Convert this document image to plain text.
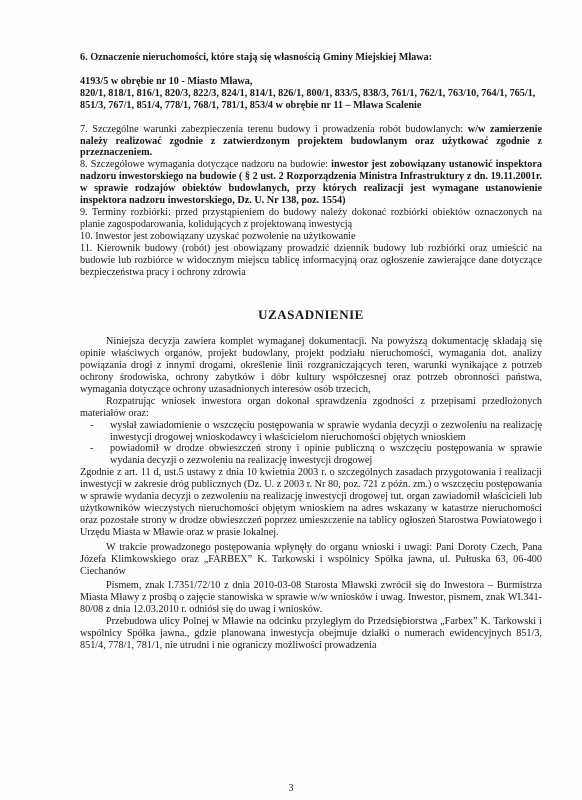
6. Oznaczenie nieruchomości, które stają się własnością Gminy Miejskiej Mława:

4193/5 w obrębie nr 10 - Miasto Mława,

820/1, 818/1, 816/1, 820/3, 822/3, 824/1, 814/1, 826/1, 800/1, 833/5, 838/3, 761/1, 762/1, 763/10, 764/1, 765/1, 851/3, 767/1, 851/4, 778/1, 768/1, 781/1, 853/4 w obrębie nr 11 – Mława Scalenie

7. Szczególne warunki zabezpieczenia terenu budowy i prowadzenia robót budowlanych: w/w zamierzenie należy realizować zgodnie z zatwierdzonym projektem budowlanym oraz użytkować zgodnie z przeznaczeniem.

8. Szczegółowe wymagania dotyczące nadzoru na budowie: inwestor jest zobowiązany ustanowić inspektora nadzoru inwestorskiego na budowie ( § 2 ust. 2 Rozporządzenia Ministra Infrastruktury z dn. 19.11.2001r. w sprawie rodzajów obiektów budowlanych, przy których realizacji jest wymagane ustanowienie inspektora nadzoru inwestorskiego, Dz. U. Nr 138, poz. 1554)

9. Terminy rozbiórki: przed przystąpieniem do budowy należy dokonać rozbiórki obiektów oznaczonych na planie zagospodarowania, kolidujących z projektowaną inwestycją

10. Inwestor jest zobowiązany uzyskać pozwolenie na użytkowanie

11. Kierownik budowy (robót) jest obowiązany prowadzić dziennik budowy lub rozbiórki oraz umieścić na budowie lub rozbiórce w widocznym miejscu tablicę informacyjną oraz ogłoszenie zawierające dane dotyczące bezpieczeństwa pracy i ochrony zdrowia

UZASADNIENIE

Niniejsza decyzja zawiera komplet wymaganej dokumentacji. Na powyższą dokumentację składają się opinie właściwych organów, projekt budowlany, projekt podziału nieruchomości, wymagania dot. analizy powiązania drogi z innymi drogami, określenie linii rozgraniczających teren, warunki wynikające z potrzeb ochrony środowiska, ochrony zabytków i dóbr kultury współczesnej oraz potrzeb obronności państwa, wymagania dotyczące ochrony uzasadnionych interesów osób trzecich,

Rozpatrując wniosek inwestora organ dokonał sprawdzenia zgodności z przepisami przedłożonych materiałów oraz:

-	wysłał zawiadomienie o wszczęciu postępowania w sprawie wydania decyzji o zezwoleniu na realizację inwestycji drogowej wnioskodawcy i właścicielom nieruchomości objętych wnioskiem
-	powiadomił w drodze obwieszczeń strony i opinie publiczną o wszczęciu postępowania w sprawie wydania decyzji o zezwoleniu na realizację inwestycji drogowej

Zgodnie z art. 11 d, ust.5 ustawy z dnia 10 kwietnia 2003 r. o szczególnych zasadach przygotowania i realizacji inwestycji w zakresie dróg publicznych (Dz. U. z 2003 r. Nr 80, poz. 721 z późn. zm.) o wszczęciu postępowania w sprawie wydania decyzji o zezwoleniu na realizację inwestycji drogowej tut. organ zawiadomił właścicieli lub użytkowników wieczystych nieruchomości objętym wnioskiem na adres wskazany w katastrze nieruchomości oraz pozostałe strony w drodze obwieszczeń poprzez umieszczenie na tablicy ogłoszeń Starostwa Powiatowego i Urzędu Miasta w Mławie oraz w prasie lokalnej.

W trakcie prowadzonego postępowania wpłynęły do organu wnioski i uwagi: Pani Doroty Czech, Pana Józefa Klimkowskiego oraz „FARBEX” K. Tarkowski i wspólnicy Spółka jawna, ul. Pułtuska 63, 06-400 Ciechanów

Pismem, znak I.7351/72/10 z dnia 2010-03-08 Starosta Mławski zwrócił się do Inwestora – Burmistrza Miasta Mławy z prośbą o zajęcie stanowiska w sprawie w/w wniosków i uwag. Inwestor, pismem, znak WI.341-80/08 z dnia 12.03.2010 r. odniósł się do uwag i wniosków.

Przebudowa ulicy Polnej w Mławie na odcinku przyległym do Przedsiębiorstwa „Farbex” K. Tarkowski i wspólnicy Spółka jawna., gdzie planowana inwestycja obejmuje działki o numerach ewidencyjnych 851/3, 851/4, 778/1, 781/1, nie utrudni i nie ograniczy możliwości prowadzenia

3
